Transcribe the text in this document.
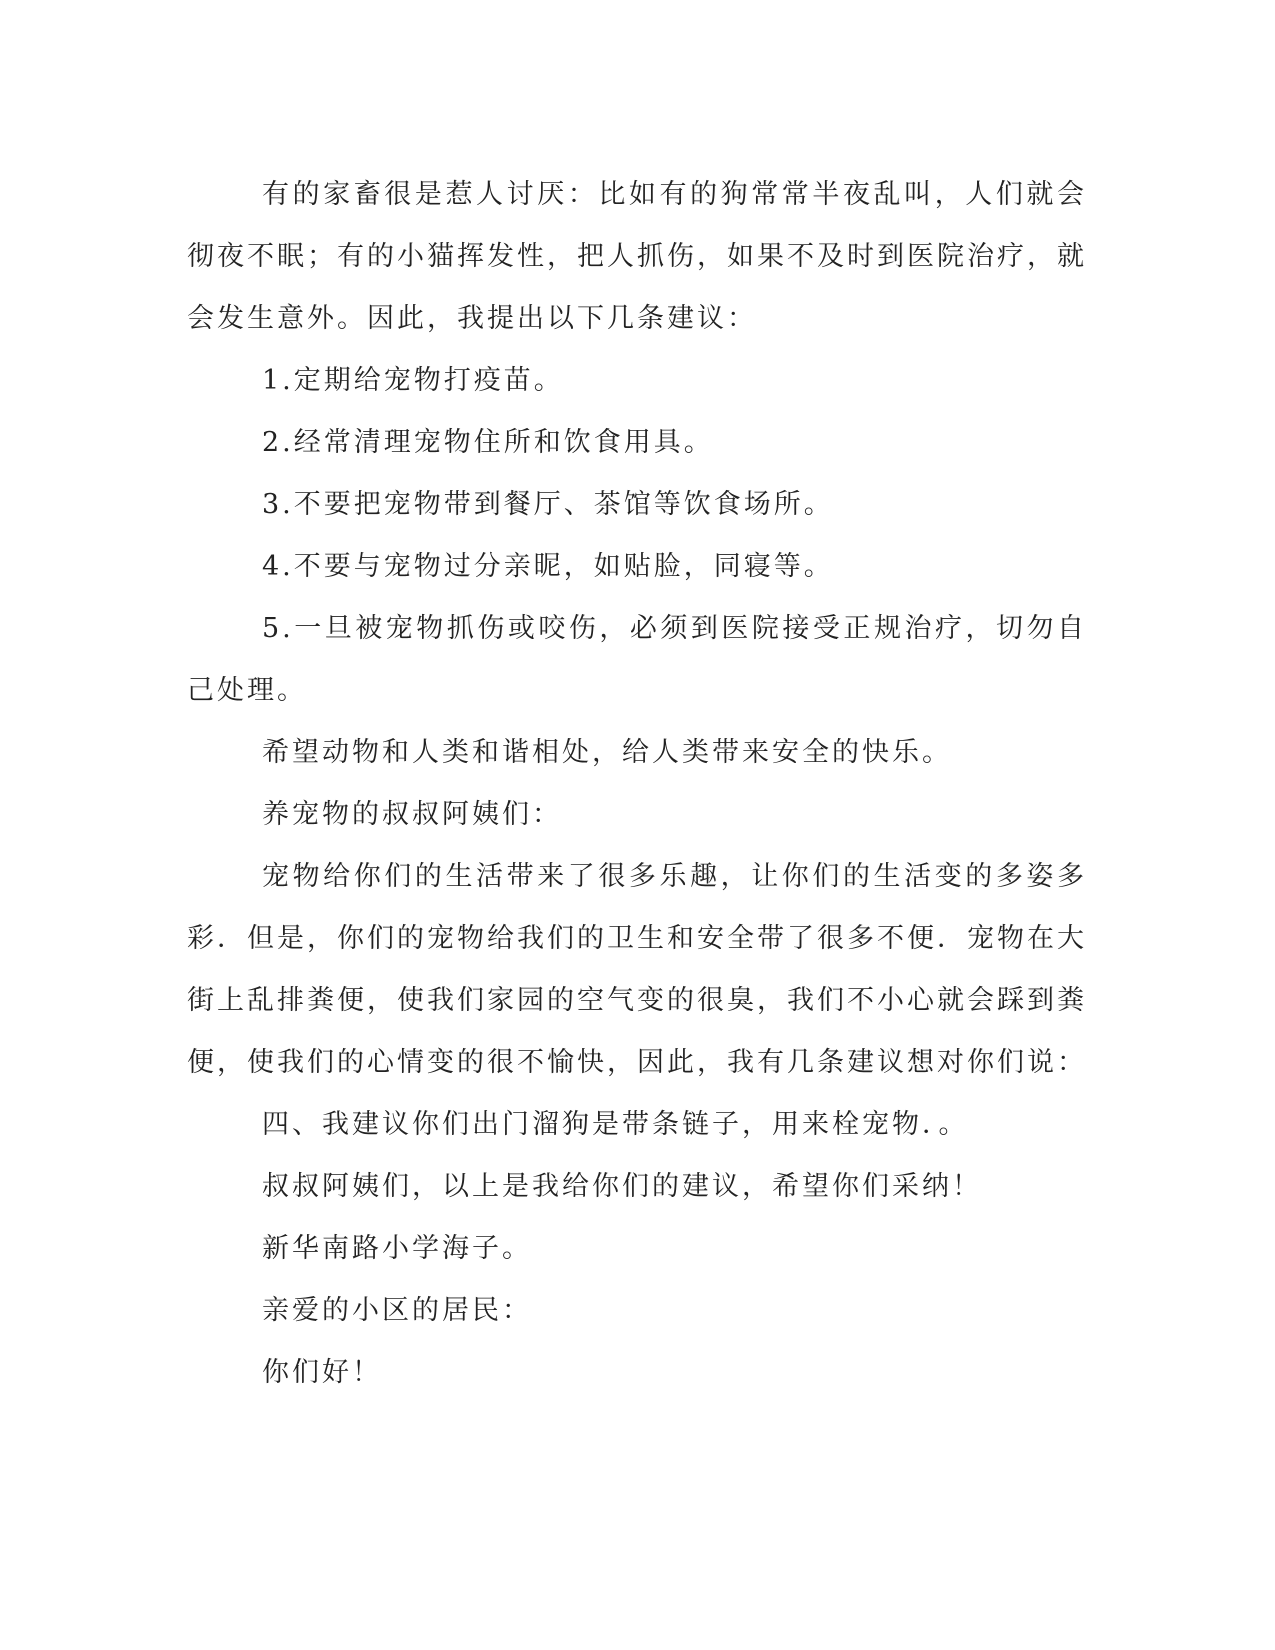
有的家畜很是惹人讨厌：比如有的狗常常半夜乱叫，人们就会彻夜不眠；有的小猫挥发性，把人抓伤，如果不及时到医院治疗，就会发生意外。因此，我提出以下几条建议：

1.定期给宠物打疫苗。

2.经常清理宠物住所和饮食用具。

3.不要把宠物带到餐厅、茶馆等饮食场所。

4.不要与宠物过分亲昵，如贴脸，同寝等。

5.一旦被宠物抓伤或咬伤，必须到医院接受正规治疗，切勿自己处理。

希望动物和人类和谐相处，给人类带来安全的快乐。

养宠物的叔叔阿姨们：

宠物给你们的生活带来了很多乐趣，让你们的生活变的多姿多彩．但是，你们的宠物给我们的卫生和安全带了很多不便．宠物在大街上乱排粪便，使我们家园的空气变的很臭，我们不小心就会踩到粪便，使我们的心情变的很不愉快，因此，我有几条建议想对你们说：

四、我建议你们出门溜狗是带条链子，用来栓宠物．。

叔叔阿姨们，以上是我给你们的建议，希望你们采纳！

新华南路小学海子。

亲爱的小区的居民：

你们好！
